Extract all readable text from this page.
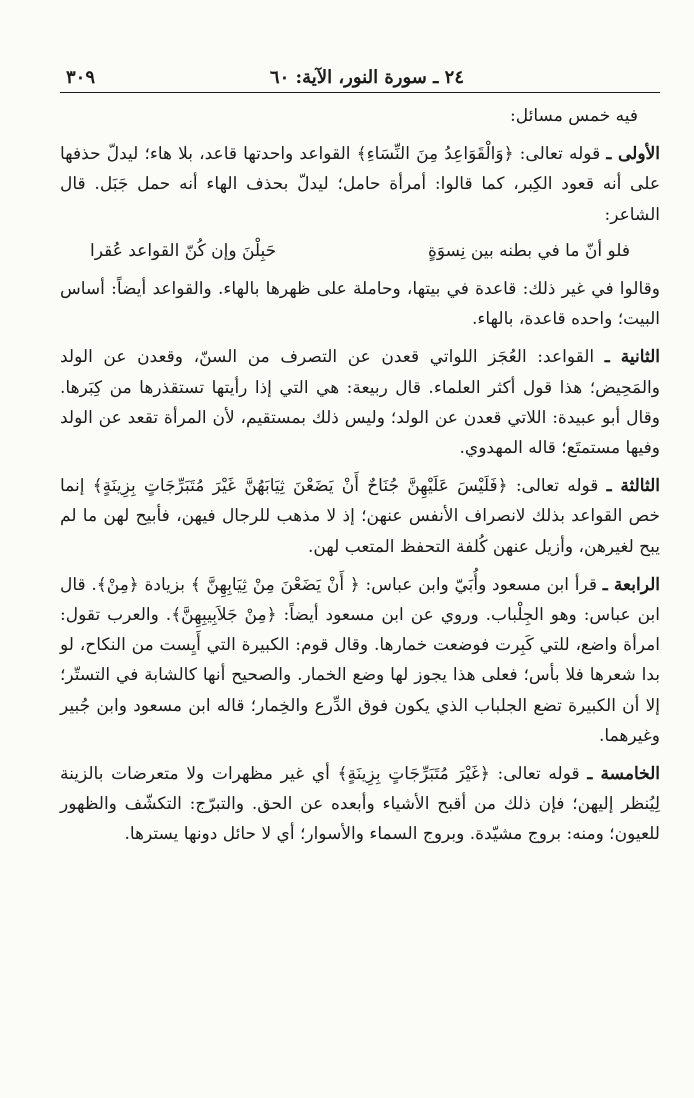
٢٤ ـ سورة النور، الآية: ٦٠
٣٠٩

فيه خمس مسائل:

الأولى ـ قوله تعالى: ﴿وَالْقَوَاعِدُ مِنَ النِّسَاءِ﴾ القواعد واحدتها قاعد، بلا هاء؛ ليدلّ حذفها على أنه قعود الكِبر، كما قالوا: أمرأة حامل؛ ليدلّ بحذف الهاء أنه حمل جَبَل. قال الشاعر:

فلو أنّ ما في بطنه بين نِسوَةٍ
حَبِلْنَ وإن كُنّ القواعد عُقرا

وقالوا في غير ذلك: قاعدة في بيتها، وحاملة على ظهرها بالهاء. والقواعد أيضاً: أساس البيت؛ واحده قاعدة، بالهاء.

الثانية ـ القواعد: العُجَز اللواتي قعدن عن التصرف من السنّ، وقعدن عن الولد والمَحِيض؛ هذا قول أكثر العلماء. قال ربيعة: هي التي إذا رأيتها تستقذرها من كِبَرها. وقال أبو عبيدة: اللاتي قعدن عن الولد؛ وليس ذلك بمستقيم، لأن المرأة تقعد عن الولد وفيها مستمتَع؛ قاله المهدوي.

الثالثة ـ قوله تعالى: ﴿فَلَيْسَ عَلَيْهِنَّ جُنَاحٌ أَنْ يَضَعْنَ ثِيَابَهُنَّ غَيْرَ مُتَبَرِّجَاتٍ بِزِينَةٍ﴾ إنما خص القواعد بذلك لانصراف الأنفس عنهن؛ إذ لا مذهب للرجال فيهن، فأبيح لهن ما لم يبح لغيرهن، وأزيل عنهن كُلفة التحفظ المتعب لهن.

الرابعة ـ قرأ ابن مسعود وأُبَيّ وابن عباس: ﴿ أَنْ يَضَعْنَ مِنْ ثِيَابِهِنَّ ﴾ بزيادة ﴿مِنْ﴾. قال ابن عباس: وهو الجِلْباب. وروي عن ابن مسعود أيضاً: ﴿مِنْ جَلاَبِيبِهِنَّ﴾. والعرب تقول: امرأة واضع، للتي كَبِرت فوضعت خمارها. وقال قوم: الكبيرة التي أَيِست من النكاح، لو بدا شعرها فلا بأس؛ فعلى هذا يجوز لها وضع الخمار. والصحيح أنها كالشابة في التستّر؛ إلا أن الكبيرة تضع الجلباب الذي يكون فوق الدِّرع والخِمار؛ قاله ابن مسعود وابن جُبير وغيرهما.

الخامسة ـ قوله تعالى: ﴿غَيْرَ مُتَبَرِّجَاتٍ بِزِينَةٍ﴾ أي غير مظهرات ولا متعرضات بالزينة لِيُنظر إليهن؛ فإن ذلك من أقبح الأشياء وأبعده عن الحق. والتبرّج: التكشّف والظهور للعيون؛ ومنه: بروج مشيّدة. وبروج السماء والأسوار؛ أي لا حائل دونها يسترها.
